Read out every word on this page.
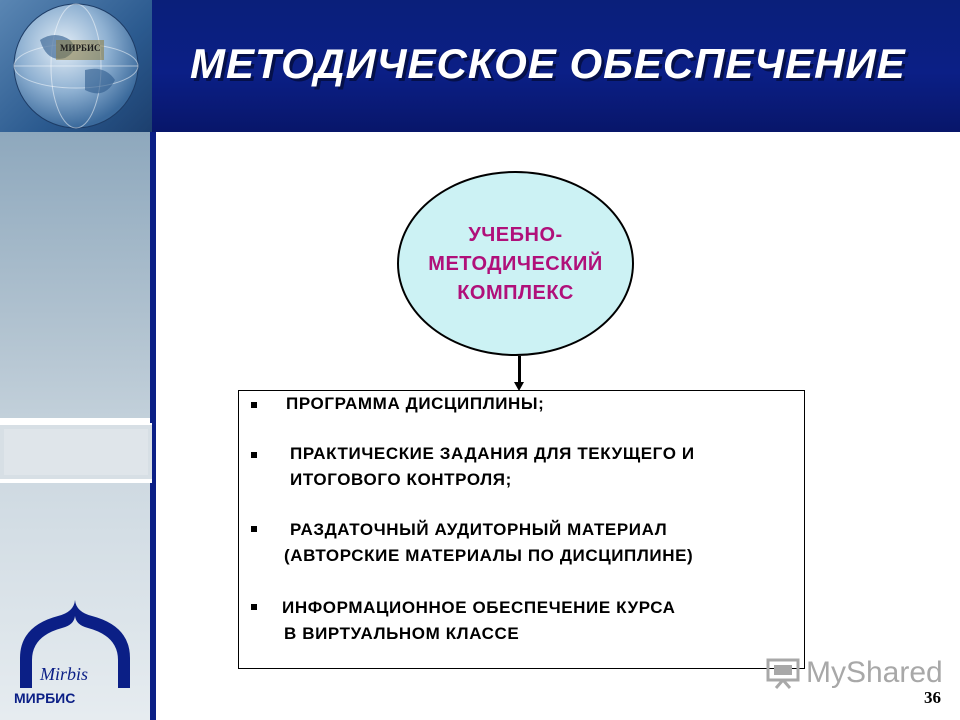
МЕТОДИЧЕСКОЕ ОБЕСПЕЧЕНИЕ
МИРБИС
Mirbis
МИРБИС
УЧЕБНО-
МЕТОДИЧЕСКИЙ
КОМПЛЕКС
ПРОГРАММА ДИСЦИПЛИНЫ;
ПРАКТИЧЕСКИЕ ЗАДАНИЯ ДЛЯ ТЕКУЩЕГО И
ИТОГОВОГО КОНТРОЛЯ;
РАЗДАТОЧНЫЙ АУДИТОРНЫЙ МАТЕРИАЛ
(АВТОРСКИЕ МАТЕРИАЛЫ ПО ДИСЦИПЛИНЕ)
ИНФОРМАЦИОННОЕ ОБЕСПЕЧЕНИЕ КУРСА
В ВИРТУАЛЬНОМ КЛАССЕ
MyShared
36
